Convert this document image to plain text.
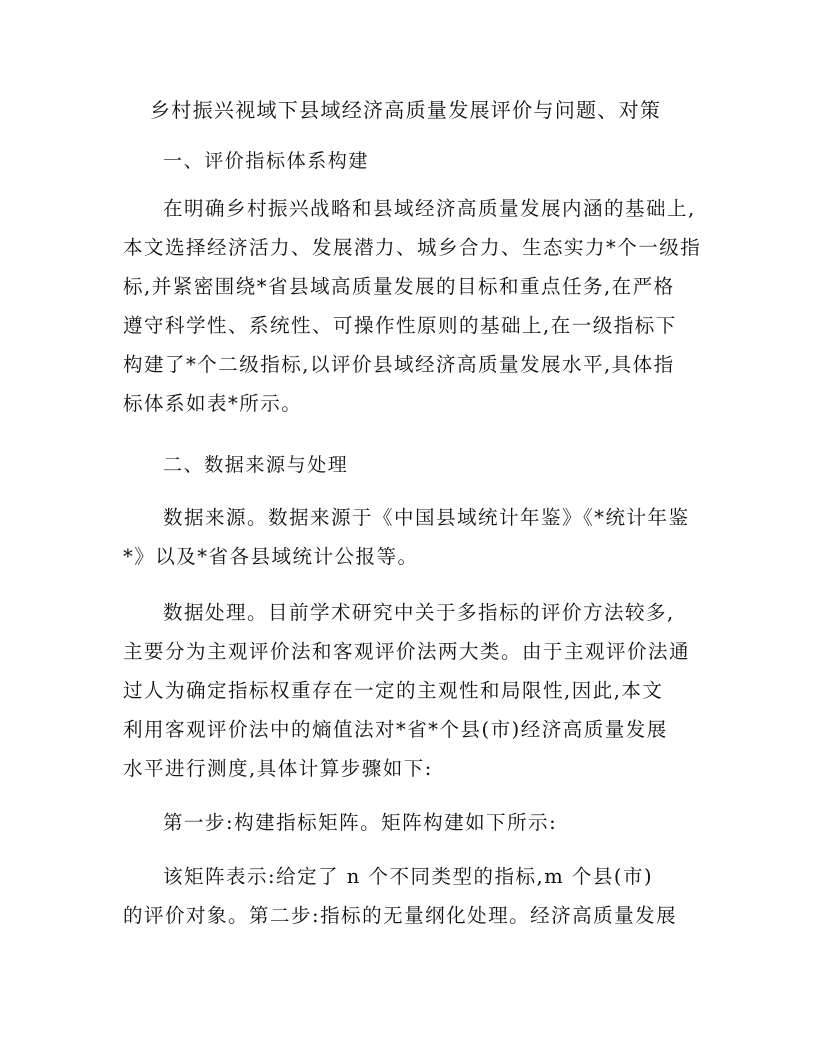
乡村振兴视域下县域经济高质量发展评价与问题、对策
一、评价指标体系构建
在明确乡村振兴战略和县域经济高质量发展内涵的基础上,
本文选择经济活力、发展潜力、城乡合力、生态实力*个一级指
标,并紧密围绕*省县域高质量发展的目标和重点任务,在严格
遵守科学性、系统性、可操作性原则的基础上,在一级指标下
构建了*个二级指标,以评价县域经济高质量发展水平,具体指
标体系如表*所示。
二、数据来源与处理
数据来源。数据来源于《中国县域统计年鉴》《*统计年鉴
*》以及*省各县域统计公报等。
数据处理。目前学术研究中关于多指标的评价方法较多,
主要分为主观评价法和客观评价法两大类。由于主观评价法通
过人为确定指标权重存在一定的主观性和局限性,因此,本文
利用客观评价法中的熵值法对*省*个县(市)经济高质量发展
水平进行测度,具体计算步骤如下:
第一步:构建指标矩阵。矩阵构建如下所示:
该矩阵表示:给定了 n 个不同类型的指标,m 个县(市)
的评价对象。第二步:指标的无量纲化处理。经济高质量发展
